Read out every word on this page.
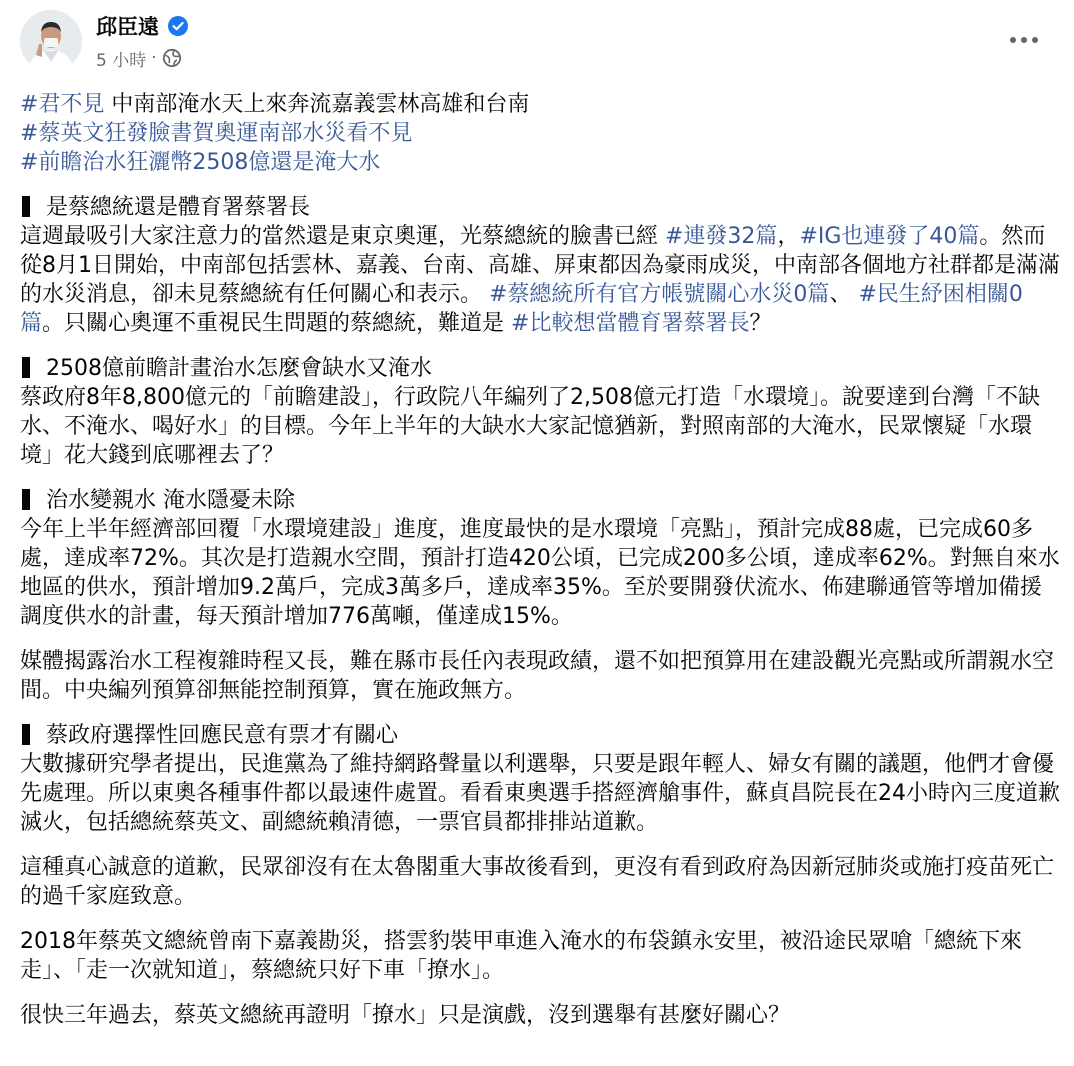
邱臣遠
5 小時 ·

#君不見 中南部淹水天上來奔流嘉義雲林高雄和台南
#蔡英文狂發臉書賀奧運南部水災看不見
#前瞻治水狂灑幣2508億還是淹大水

是蔡總統還是體育署蔡署長
這週最吸引大家注意力的當然還是東京奧運，光蔡總統的臉書已經 #連發32篇，#IG也連發了40篇。然而從8月1日開始，中南部包括雲林、嘉義、台南、高雄、屏東都因為豪雨成災，中南部各個地方社群都是滿滿的水災消息，卻未見蔡總統有任何關心和表示。 #蔡總統所有官方帳號關心水災0篇、 #民生紓困相關0篇。只關心奧運不重視民生問題的蔡總統，難道是 #比較想當體育署蔡署長？

2508億前瞻計畫治水怎麼會缺水又淹水
蔡政府8年8,800億元的「前瞻建設」，行政院八年編列了2,508億元打造「水環境」。說要達到台灣「不缺水、不淹水、喝好水」的目標。今年上半年的大缺水大家記憶猶新，對照南部的大淹水，民眾懷疑「水環境」花大錢到底哪裡去了？

治水變親水 淹水隱憂未除
今年上半年經濟部回覆「水環境建設」進度，進度最快的是水環境「亮點」，預計完成88處，已完成60多處，達成率72%。其次是打造親水空間，預計打造420公頃，已完成200多公頃，達成率62%。對無自來水地區的供水，預計增加9.2萬戶，完成3萬多戶，達成率35%。至於要開發伏流水、佈建聯通管等增加備援調度供水的計畫，每天預計增加776萬噸，僅達成15%。

媒體揭露治水工程複雜時程又長，難在縣市長任內表現政績，還不如把預算用在建設觀光亮點或所謂親水空間。中央編列預算卻無能控制預算，實在施政無方。

蔡政府選擇性回應民意有票才有關心
大數據研究學者提出，民進黨為了維持網路聲量以利選舉，只要是跟年輕人、婦女有關的議題，他們才會優先處理。所以東奧各種事件都以最速件處置。看看東奧選手搭經濟艙事件，蘇貞昌院長在24小時內三度道歉滅火，包括總統蔡英文、副總統賴清德，一票官員都排排站道歉。

這種真心誠意的道歉，民眾卻沒有在太魯閣重大事故後看到，更沒有看到政府為因新冠肺炎或施打疫苗死亡的過千家庭致意。

2018年蔡英文總統曾南下嘉義勘災，搭雲豹裝甲車進入淹水的布袋鎮永安里，被沿途民眾嗆「總統下來走」、「走一次就知道」，蔡總統只好下車「撩水」。

很快三年過去，蔡英文總統再證明「撩水」只是演戲，沒到選舉有甚麼好關心？
